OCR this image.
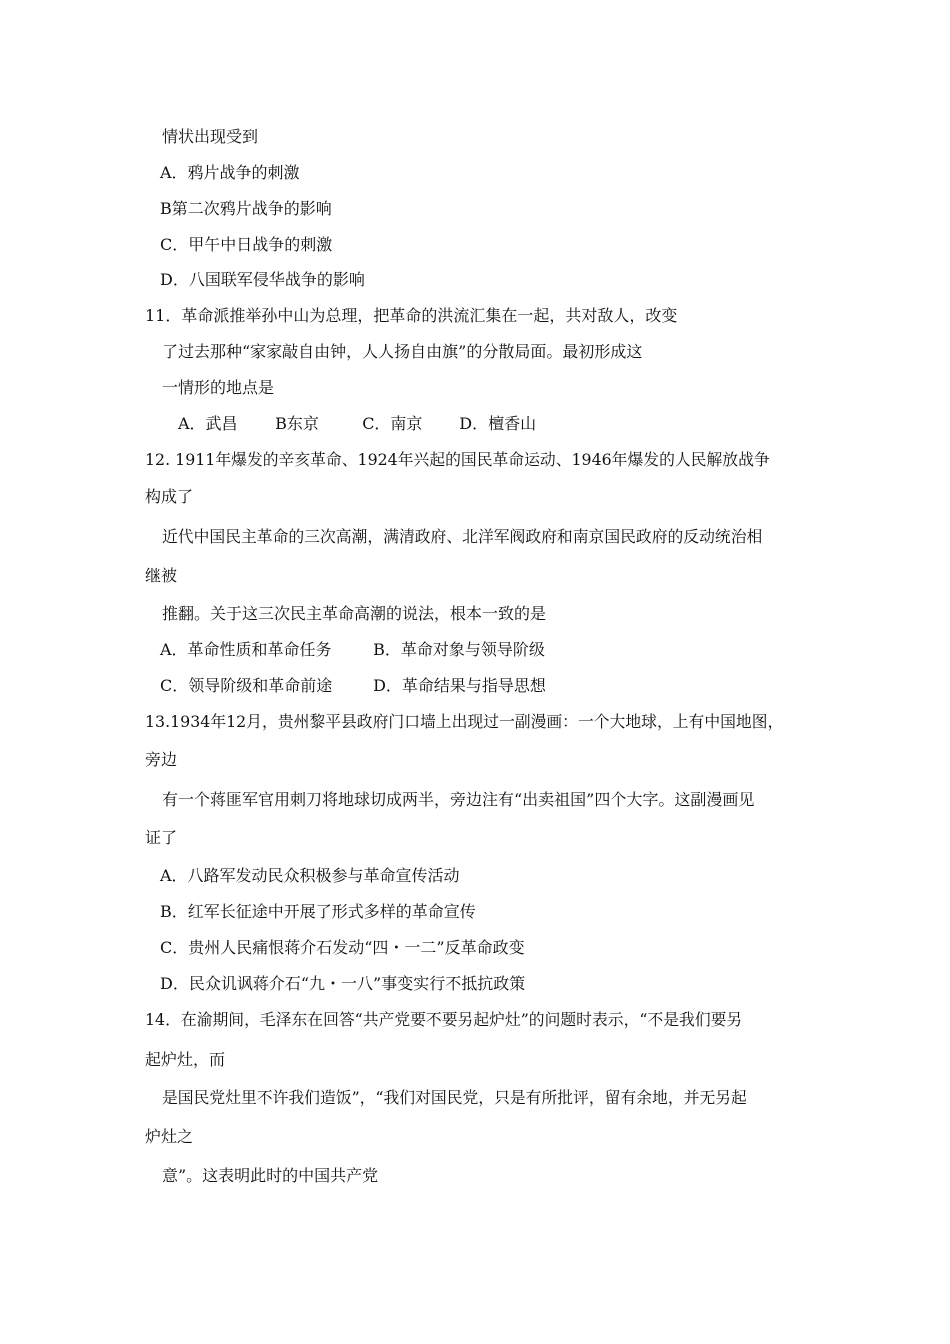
情状出现受到
A．鸦片战争的刺激
B第二次鸦片战争的影响
C．甲午中日战争的刺激
D．八国联军侵华战争的影响
11．革命派推举孙中山为总理，把革命的洪流汇集在一起，共对敌人，改变
了过去那种“家家敲自由钟，人人扬自由旗”的分散局面。最初形成这
一情形的地点是
A．武昌 B东京	C．南京 D．檀香山
12. 1911年爆发的辛亥革命、1924年兴起的国民革命运动、1946年爆发的人民解放战争
构成了
近代中国民主革命的三次高潮，满清政府、北洋军阀政府和南京国民政府的反动统治相
继被
推翻。关于这三次民主革命高潮的说法，根本一致的是
A．革命性质和革命任务	B．革命对象与领导阶级
C．领导阶级和革命前途	D．革命结果与指导思想
13.1934年12月，贵州黎平县政府门口墙上出现过一副漫画：一个大地球，上有中国地图，
旁边
有一个蒋匪军官用刺刀将地球切成两半，旁边注有“出卖祖国”四个大字。这副漫画见
证了
A．八路军发动民众积极参与革命宣传活动
B．红军长征途中开展了形式多样的革命宣传
C．贵州人民痛恨蒋介石发动“四・一二”反革命政变
D．民众讥讽蒋介石“九・一八”事变实行不抵抗政策
14．在渝期间，毛泽东在回答“共产党要不要另起炉灶”的问题时表示，“不是我们要另
起炉灶，而
是国民党灶里不许我们造饭”，“我们对国民党，只是有所批评，留有余地，并无另起
炉灶之
意”。这表明此时的中国共产党
